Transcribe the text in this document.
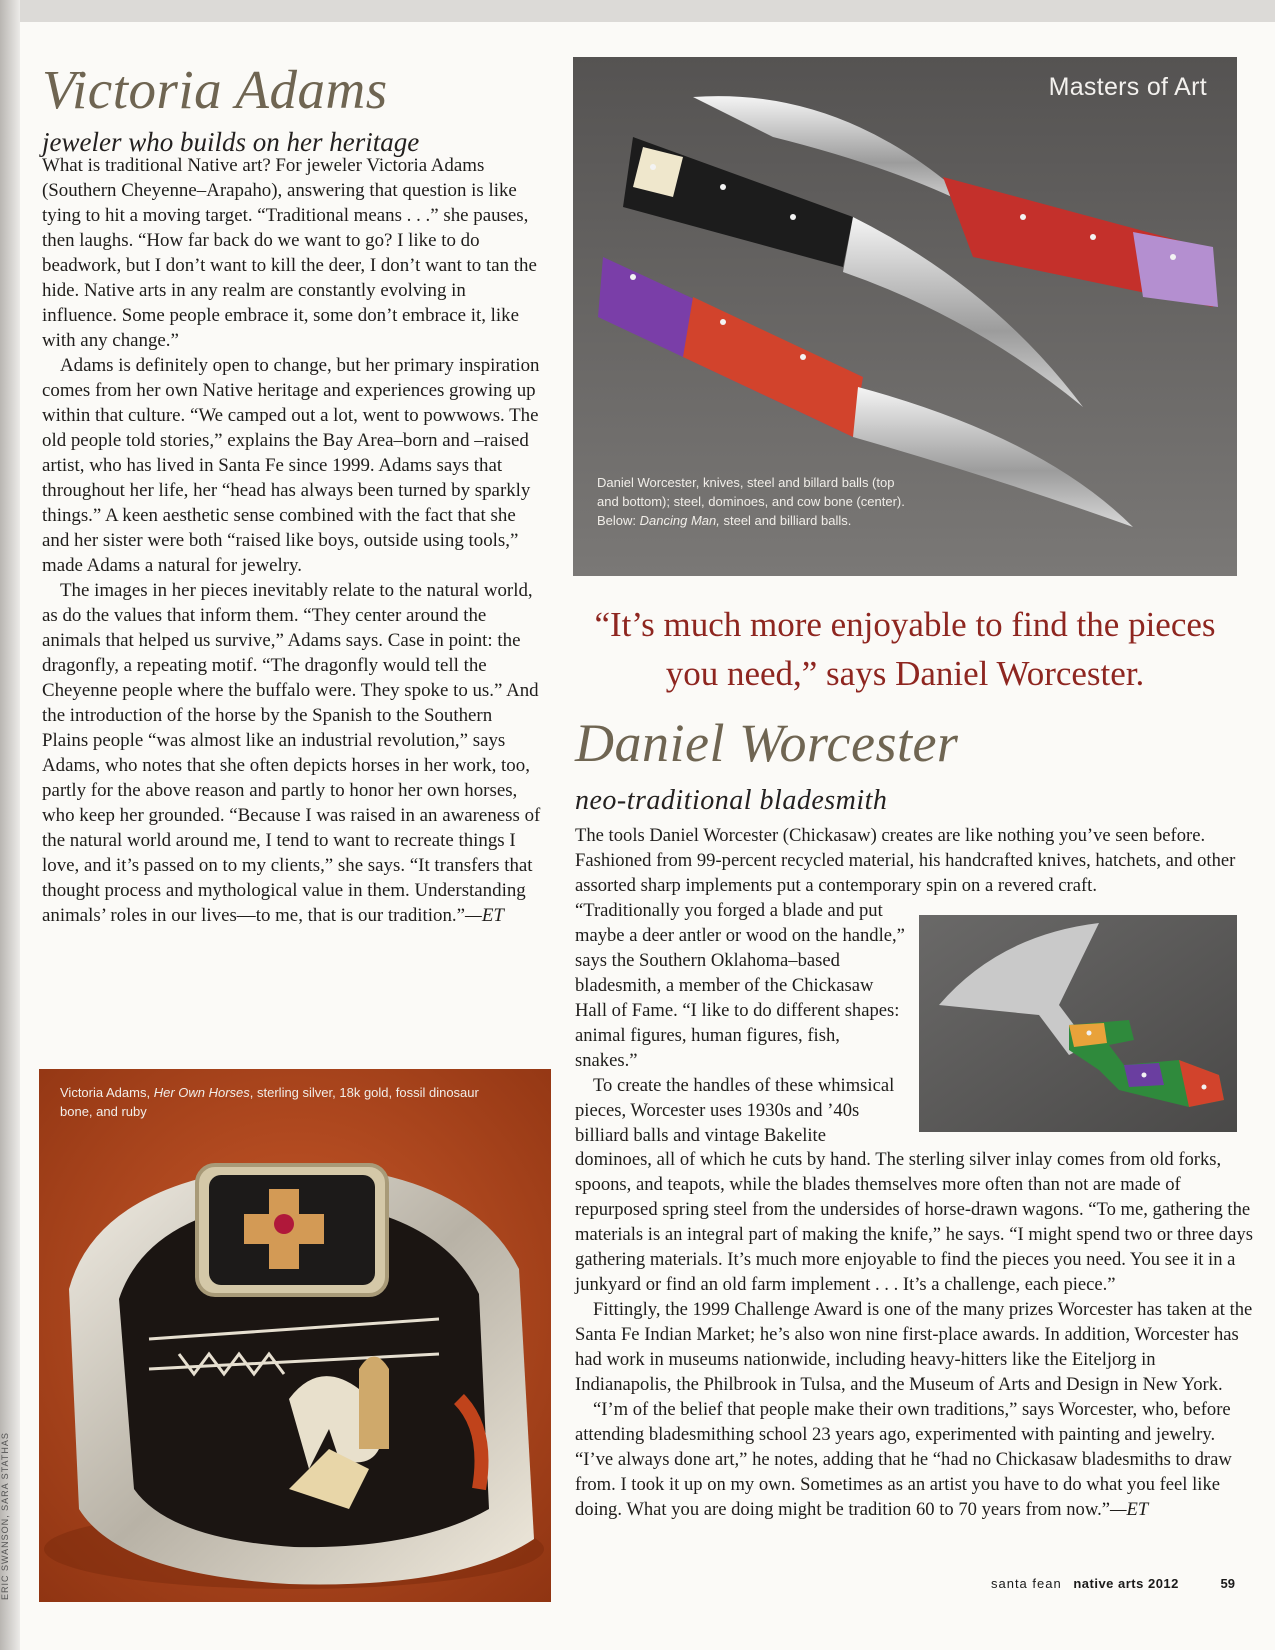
Victoria Adams
jeweler who builds on her heritage

What is traditional Native art? For jeweler Victoria Adams (Southern Cheyenne–Arapaho), answering that question is like tying to hit a moving target. “Traditional means . . .” she pauses, then laughs. “How far back do we want to go? I like to do beadwork, but I don’t want to kill the deer, I don’t want to tan the hide. Native arts in any realm are constantly evolving in influence. Some people embrace it, some don’t embrace it, like with any change.”

Adams is definitely open to change, but her primary inspiration comes from her own Native heritage and experiences growing up within that culture. “We camped out a lot, went to powwows. The old people told stories,” explains the Bay Area–born and –raised artist, who has lived in Santa Fe since 1999. Adams says that throughout her life, her “head has always been turned by sparkly things.” A keen aesthetic sense combined with the fact that she and her sister were both “raised like boys, outside using tools,” made Adams a natural for jewelry.

The images in her pieces inevitably relate to the natural world, as do the values that inform them. “They center around the animals that helped us survive,” Adams says. Case in point: the dragonfly, a repeating motif. “The dragonfly would tell the Cheyenne people where the buffalo were. They spoke to us.” And the introduction of the horse by the Spanish to the Southern Plains people “was almost like an industrial revolution,” says Adams, who notes that she often depicts horses in her work, too, partly for the above reason and partly to honor her own horses, who keep her grounded. “Because I was raised in an awareness of the natural world around me, I tend to want to recreate things I love, and it’s passed on to my clients,” she says. “It transfers that thought process and mythological value in them. Understanding animals’ roles in our lives—to me, that is our tradition.”—ET

Victoria Adams, Her Own Horses, sterling silver, 18k gold, fossil dinosaur bone, and ruby
ERIC SWANSON, SARA STATHAS
Masters of Art
Daniel Worcester, knives, steel and billard balls (top
and bottom); steel, dominoes, and cow bone (center).
Below: Dancing Man, steel and billiard balls.

“It’s much more enjoyable to find the pieces you need,” says Daniel Worcester.

Daniel Worcester
neo-traditional bladesmith

The tools Daniel Worcester (Chickasaw) creates are like nothing you’ve seen before. Fashioned from 99-percent recycled material, his handcrafted knives, hatchets, and other assorted sharp implements put a contemporary spin on a revered craft.

“Traditionally you forged a blade and put maybe a deer antler or wood on the handle,” says the Southern Oklahoma–based bladesmith, a member of the Chickasaw Hall of Fame. “I like to do different shapes: animal figures, human figures, fish, snakes.”

To create the handles of these whimsical pieces, Worcester uses 1930s and ’40s billiard balls and vintage Bakelite

dominoes, all of which he cuts by hand. The sterling silver inlay comes from old forks, spoons, and teapots, while the blades themselves more often than not are made of repurposed spring steel from the undersides of horse-drawn wagons. “To me, gathering the materials is an integral part of making the knife,” he says. “I might spend two or three days gathering materials. It’s much more enjoyable to find the pieces you need. You see it in a junkyard or find an old farm implement . . . It’s a challenge, each piece.”

Fittingly, the 1999 Challenge Award is one of the many prizes Worcester has taken at the Santa Fe Indian Market; he’s also won nine first-place awards. In addition, Worcester has had work in museums nationwide, including heavy-hitters like the Eiteljorg in Indianapolis, the Philbrook in Tulsa, and the Museum of Arts and Design in New York.

“I’m of the belief that people make their own traditions,” says Worcester, who, before attending bladesmithing school 23 years ago, experimented with painting and jewelry. “I’ve always done art,” he notes, adding that he “had no Chickasaw bladesmiths to draw from. I took it up on my own. Sometimes as an artist you have to do what you feel like doing. What you are doing might be tradition 60 to 70 years from now.”—ET

santa fean native arts 2012	59
